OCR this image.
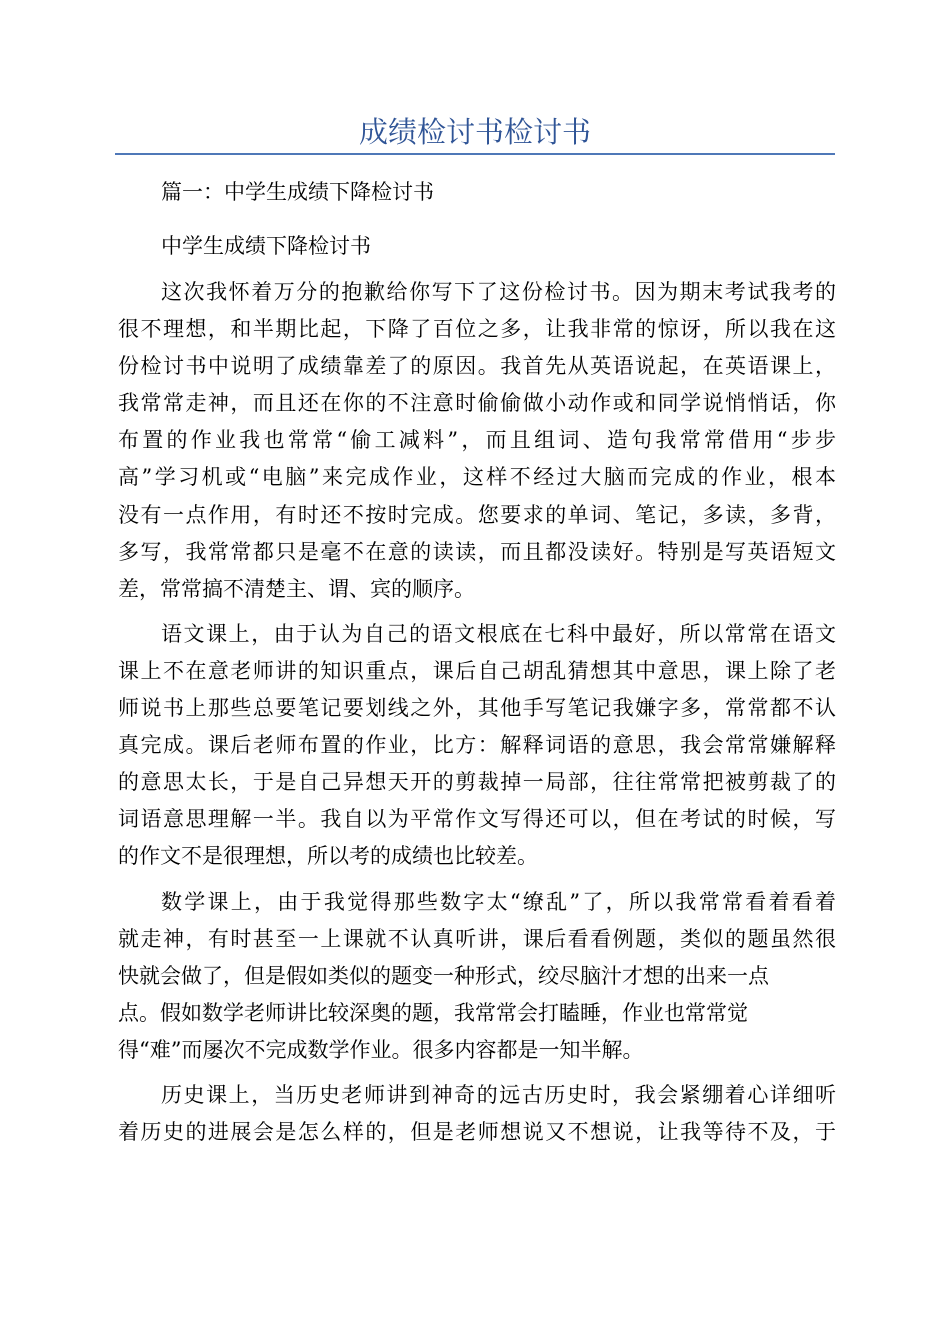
成绩检讨书检讨书

篇一：中学生成绩下降检讨书

中学生成绩下降检讨书

这次我怀着万分的抱歉给你写下了这份检讨书。因为期末考试我考的
很不理想，和半期比起，下降了百位之多，让我非常的惊讶，所以我在这
份检讨书中说明了成绩靠差了的原因。我首先从英语说起，在英语课上，
我常常走神，而且还在你的不注意时偷偷做小动作或和同学说悄悄话，你
布置的作业我也常常“偷工减料”，而且组词、造句我常常借用“步步
高”学习机或“电脑”来完成作业，这样不经过大脑而完成的作业，根本
没有一点作用，有时还不按时完成。您要求的单词、笔记，多读，多背，
多写，我常常都只是毫不在意的读读，而且都没读好。特别是写英语短文
差，常常搞不清楚主、谓、宾的顺序。
语文课上，由于认为自己的语文根底在七科中最好，所以常常在语文
课上不在意老师讲的知识重点，课后自己胡乱猜想其中意思，课上除了老
师说书上那些总要笔记要划线之外，其他手写笔记我嫌字多，常常都不认
真完成。课后老师布置的作业，比方：解释词语的意思，我会常常嫌解释
的意思太长，于是自己异想天开的剪裁掉一局部，往往常常把被剪裁了的
词语意思理解一半。我自以为平常作文写得还可以，但在考试的时候，写
的作文不是很理想，所以考的成绩也比较差。
数学课上，由于我觉得那些数字太“缭乱”了，所以我常常看着看着
就走神，有时甚至一上课就不认真听讲，课后看看例题，类似的题虽然很
快就会做了，但是假如类似的题变一种形式，绞尽脑汁才想的出来一点
点。假如数学老师讲比较深奥的题，我常常会打瞌睡，作业也常常觉
得“难”而屡次不完成数学作业。很多内容都是一知半解。
历史课上，当历史老师讲到神奇的远古历史时，我会紧绷着心详细听
着历史的进展会是怎么样的，但是老师想说又不想说，让我等待不及，于
